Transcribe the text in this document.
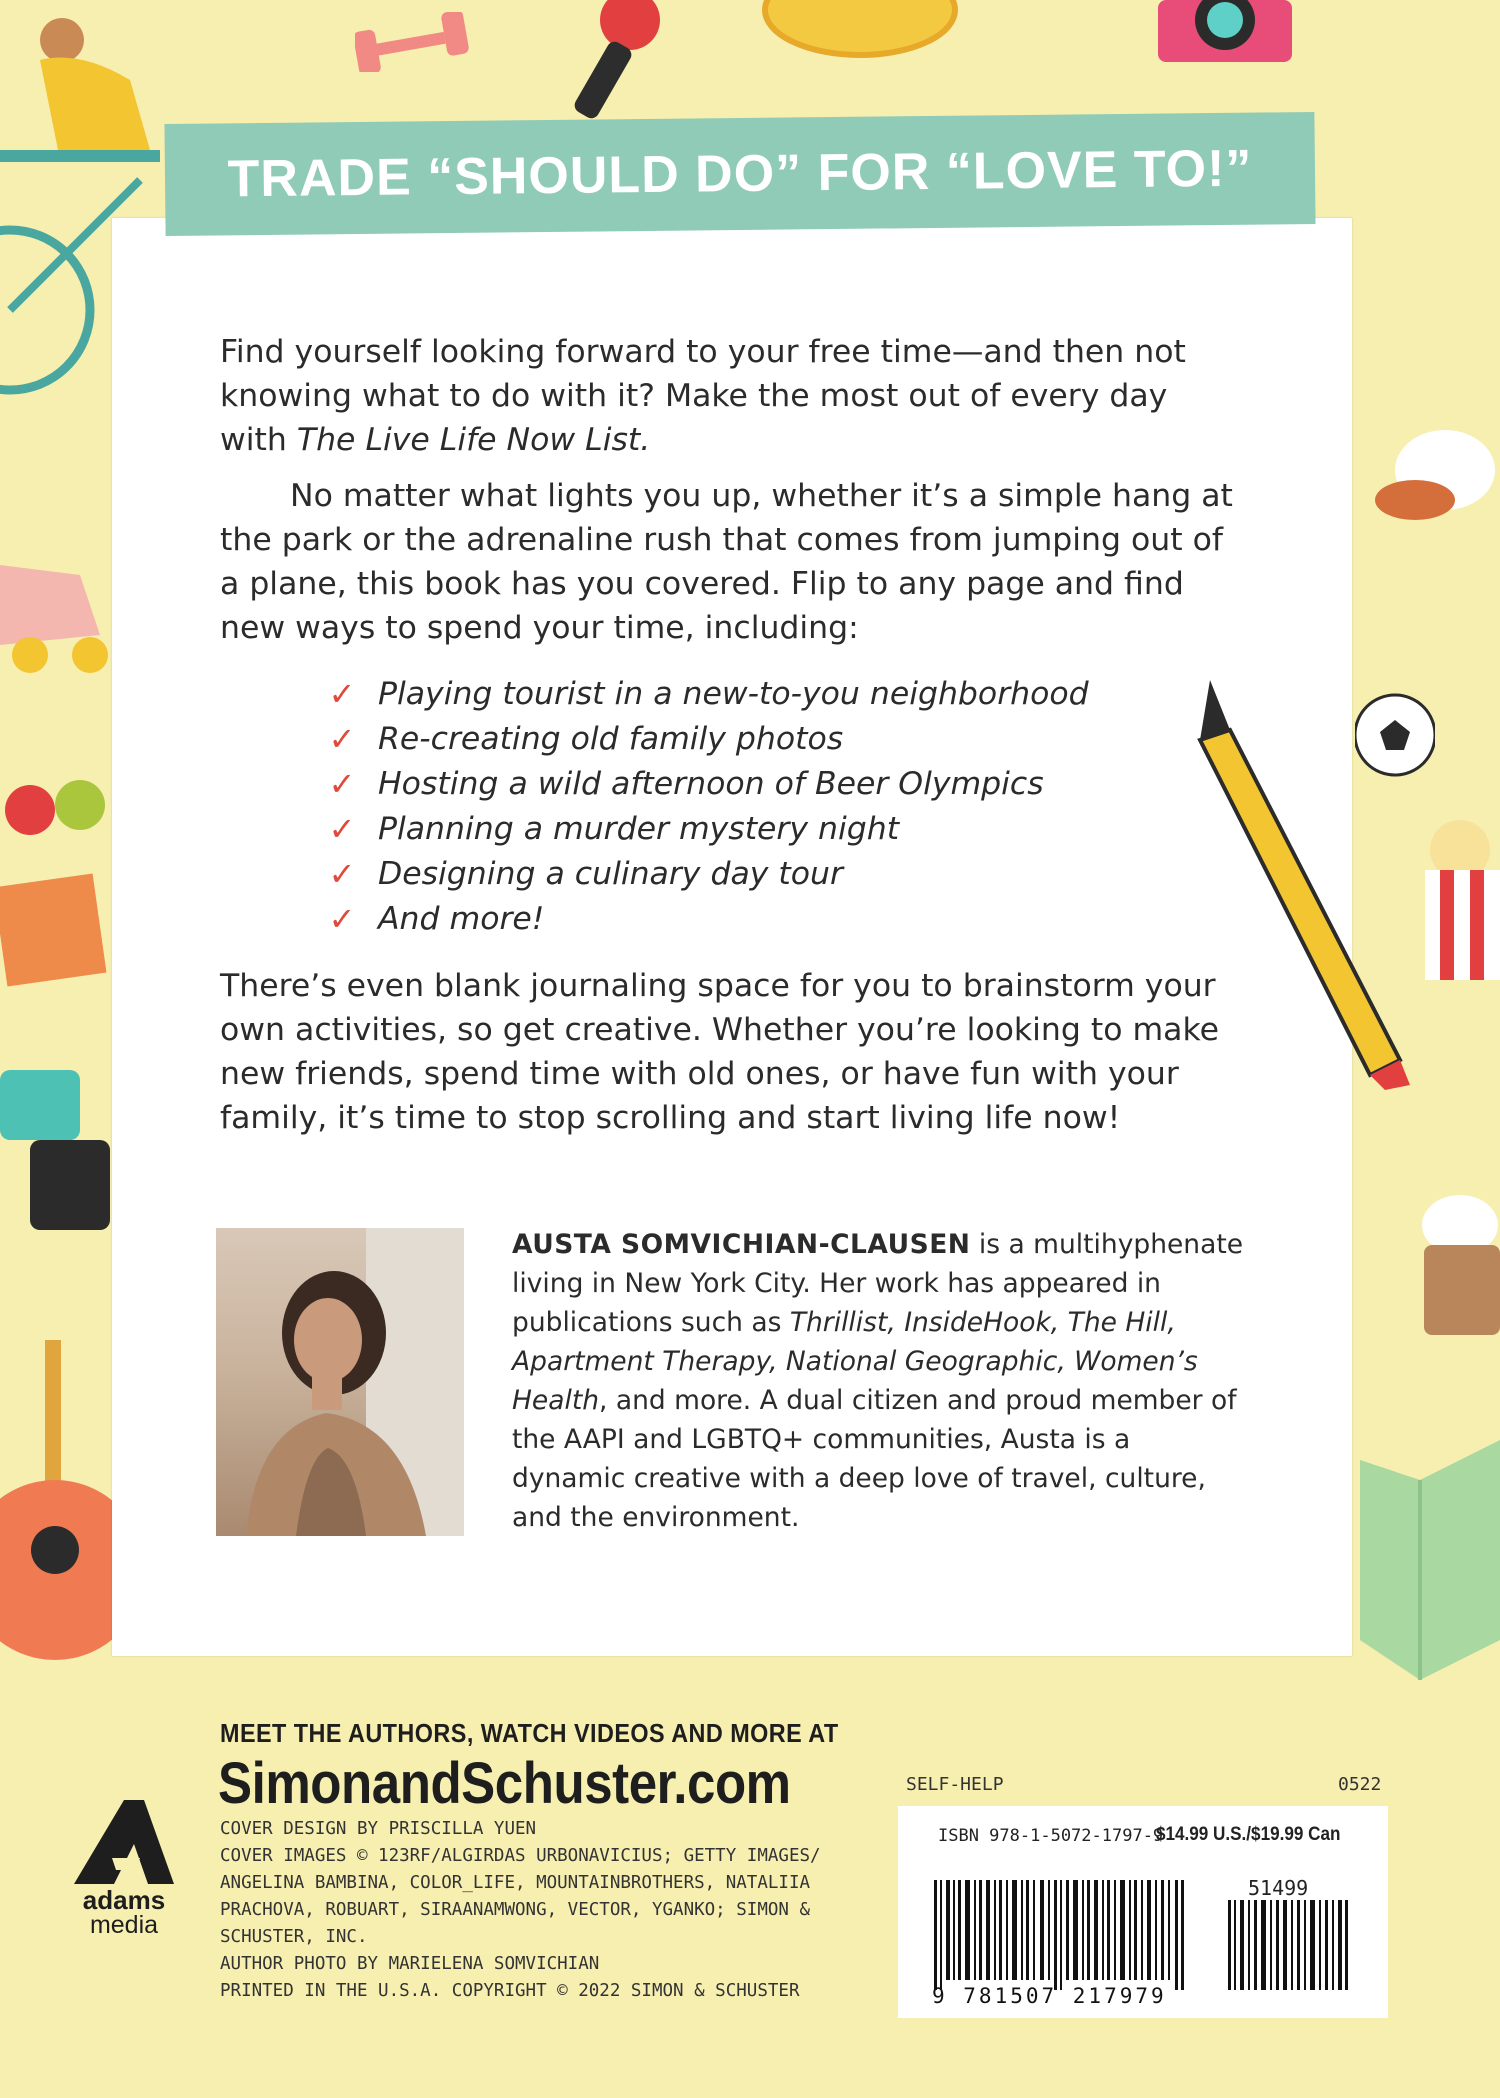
TRADE “SHOULD DO” FOR “LOVE TO!”

Find yourself looking forward to your free time—and then not knowing what to do with it? Make the most out of every day with The Live Life Now List.

No matter what lights you up, whether it’s a simple hang at the park or the adrenaline rush that comes from jumping out of a plane, this book has you covered. Flip to any page and find new ways to spend your time, including:

✓ Playing tourist in a new-to-you neighborhood
✓ Re-creating old family photos
✓ Hosting a wild afternoon of Beer Olympics
✓ Planning a murder mystery night
✓ Designing a culinary day tour
✓ And more!

There’s even blank journaling space for you to brainstorm your own activities, so get creative. Whether you’re looking to make new friends, spend time with old ones, or have fun with your family, it’s time to stop scrolling and start living life now!

AUSTA SOMVICHIAN-CLAUSEN is a multihyphenate living in New York City. Her work has appeared in publications such as Thrillist, InsideHook, The Hill, Apartment Therapy, National Geographic, Women’s Health, and more. A dual citizen and proud member of the AAPI and LGBTQ+ communities, Austa is a dynamic creative with a deep love of travel, culture, and the environment.

MEET THE AUTHORS, WATCH VIDEOS AND MORE AT
SimonandSchuster.com
COVER DESIGN BY PRISCILLA YUEN
COVER IMAGES © 123RF/ALGIRDAS URBONAVICIUS; GETTY IMAGES/
ANGELINA BAMBINA, COLOR_LIFE, MOUNTAINBROTHERS, NATALIIA
PRACHOVA, ROBUART, SIRAANAMWONG, VECTOR, YGANKO; SIMON &
SCHUSTER, INC.
AUTHOR PHOTO BY MARIELENA SOMVICHIAN
PRINTED IN THE U.S.A. COPYRIGHT © 2022 SIMON & SCHUSTER
adams
media
SELF-HELP	0522
ISBN 978-1-5072-1797-9
$14.99 U.S./$19.99 Can
51499
9 781507 217979
